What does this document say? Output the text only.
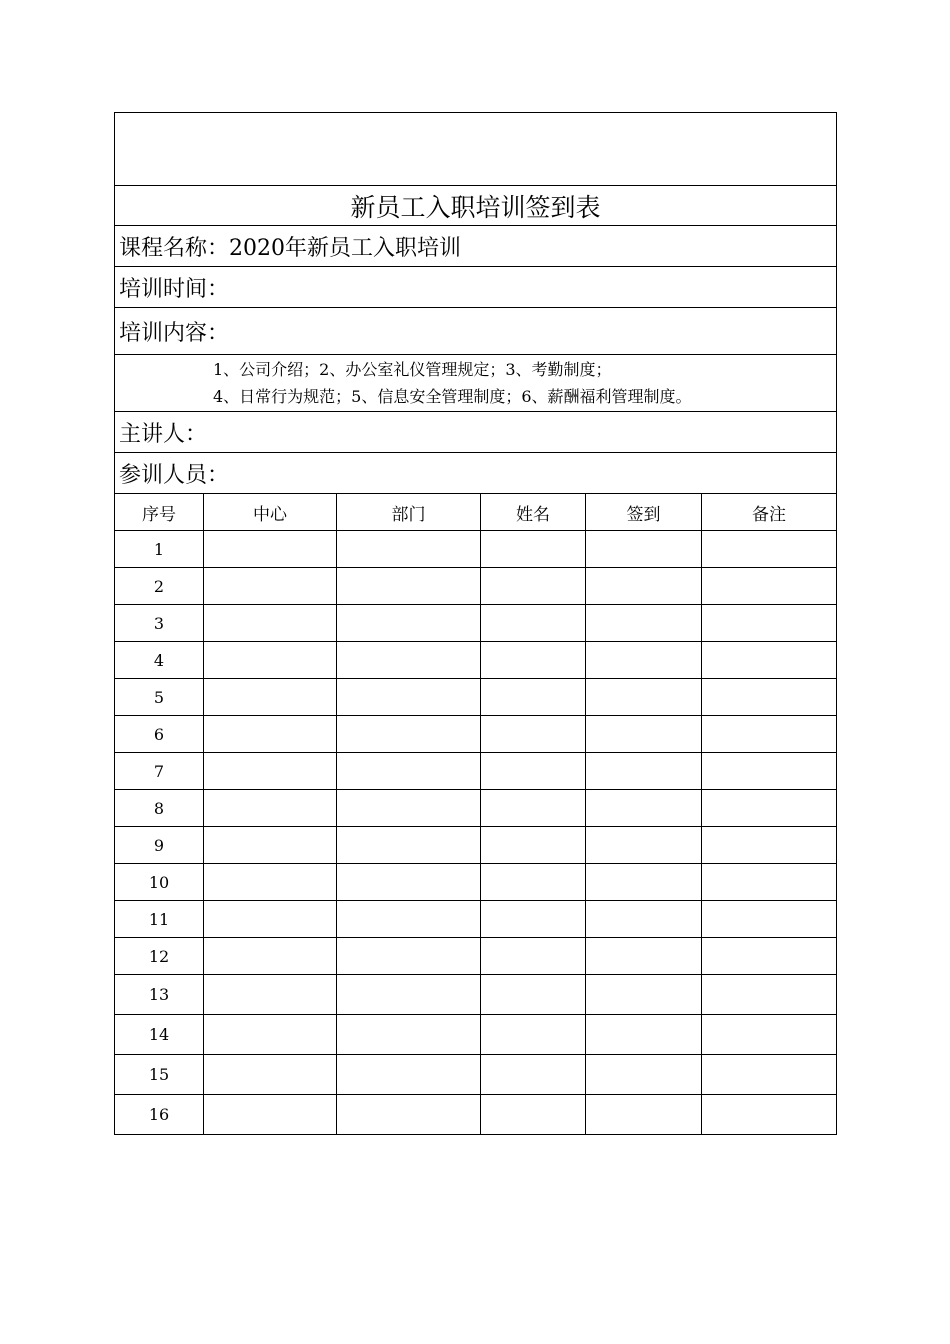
新员工入职培训签到表					
课程名称：2020年新员工入职培训					
培训时间：					
培训内容：					

1、公司介绍；2、办公室礼仪管理规定；3、考勤制度；
4、日常行为规范；5、信息安全管理制度；6、薪酬福利管理制度。					

主讲人：					
参训人员：					
序号	中心	部门	姓名	签到	备注
1					
2					
3					
4					
5					
6					
7					
8					
9					
10					
11					
12					
13					
14					
15					
16					
